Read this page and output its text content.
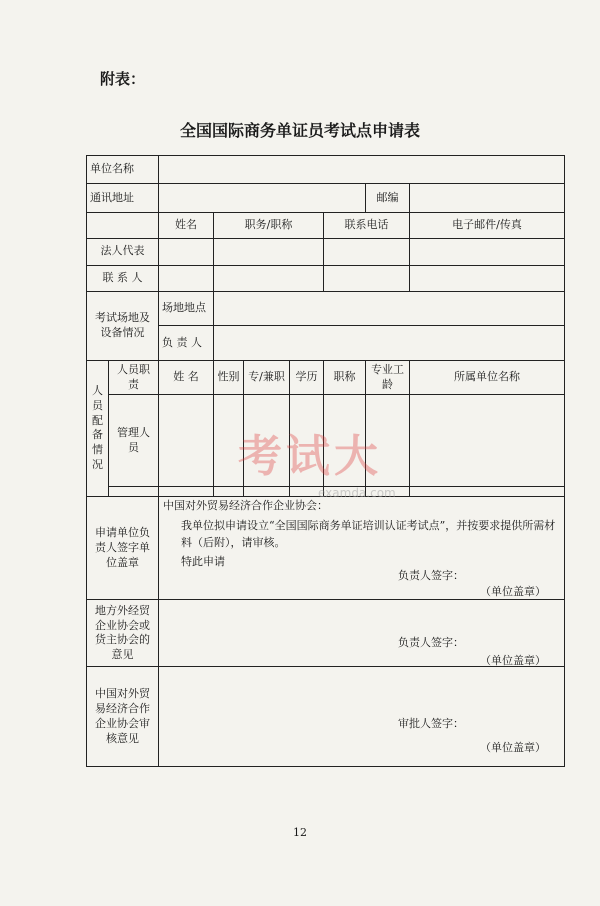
附表：
全国国际商务单证员考试点申请表
单位名称								
通讯地址							邮编	
		姓名	职务/职称			联系电话		电子邮件/传真
法人代表								
联 系 人								
考试场地及设备情况		场地地点						
		负 责 人						
人员配备情况	人员职责	姓 名	性别	专/兼职	学历	职称	专业工龄	所属单位名称
	管理人员							

申请单位负责人签字单位盖章		中国对外贸易经济合作企业协会：
我单位拟申请设立“全国国际商务单证培训认证考试点”，并按要求提供所需材料（后附），请审核。
特此申请
负责人签字：
（单位盖章）						

地方外经贸企业协会或货主协会的意见		负责人签字：
（单位盖章）						

中国对外贸易经济合作企业协会审核意见		审批人签字：
（单位盖章）						
考试大
examda.com
12
